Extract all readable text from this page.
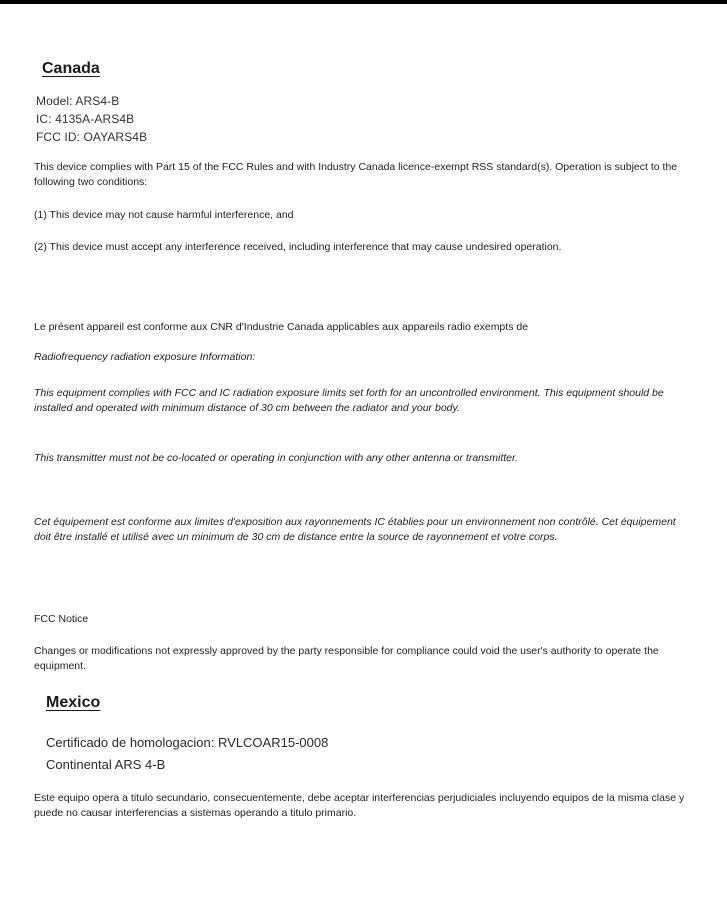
Canada
Model: ARS4-B
IC: 4135A-ARS4B
FCC ID: OAYARS4B

This device complies with Part 15 of the FCC Rules and with Industry Canada licence-exempt RSS standard(s). Operation is subject to the following two conditions:

(1) This device may not cause harmful interference, and

(2) This device must accept any interference received, including interference that may cause undesired operation.

Le présent appareil est conforme aux CNR d'Industrie Canada applicables aux appareils radio exempts de

Radiofrequency radiation exposure Information:

This equipment complies with FCC and IC radiation exposure limits set forth for an uncontrolled environment. This equipment should be installed and operated with minimum distance of 30 cm between the radiator and your body.

This transmitter must not be co-located or operating in conjunction with any other antenna or transmitter.

Cet équipement est conforme aux limites d'exposition aux rayonnements IC établies pour un environnement non contrôlé. Cet équipement doit être installé et utilisé avec un minimum de 30 cm de distance entre la source de rayonnement et votre corps.

FCC Notice

Changes or modifications not expressly approved by the party responsible for compliance could void the user's authority to operate the equipment.

Mexico
Certificado de homologacion: RVLCOAR15-0008
Continental ARS 4-B

Este equipo opera a titulo secundario, consecuentemente, debe aceptar interferencias perjudiciales incluyendo equipos de la misma clase y puede no causar interferencias a sistemas operando a titulo primario.
